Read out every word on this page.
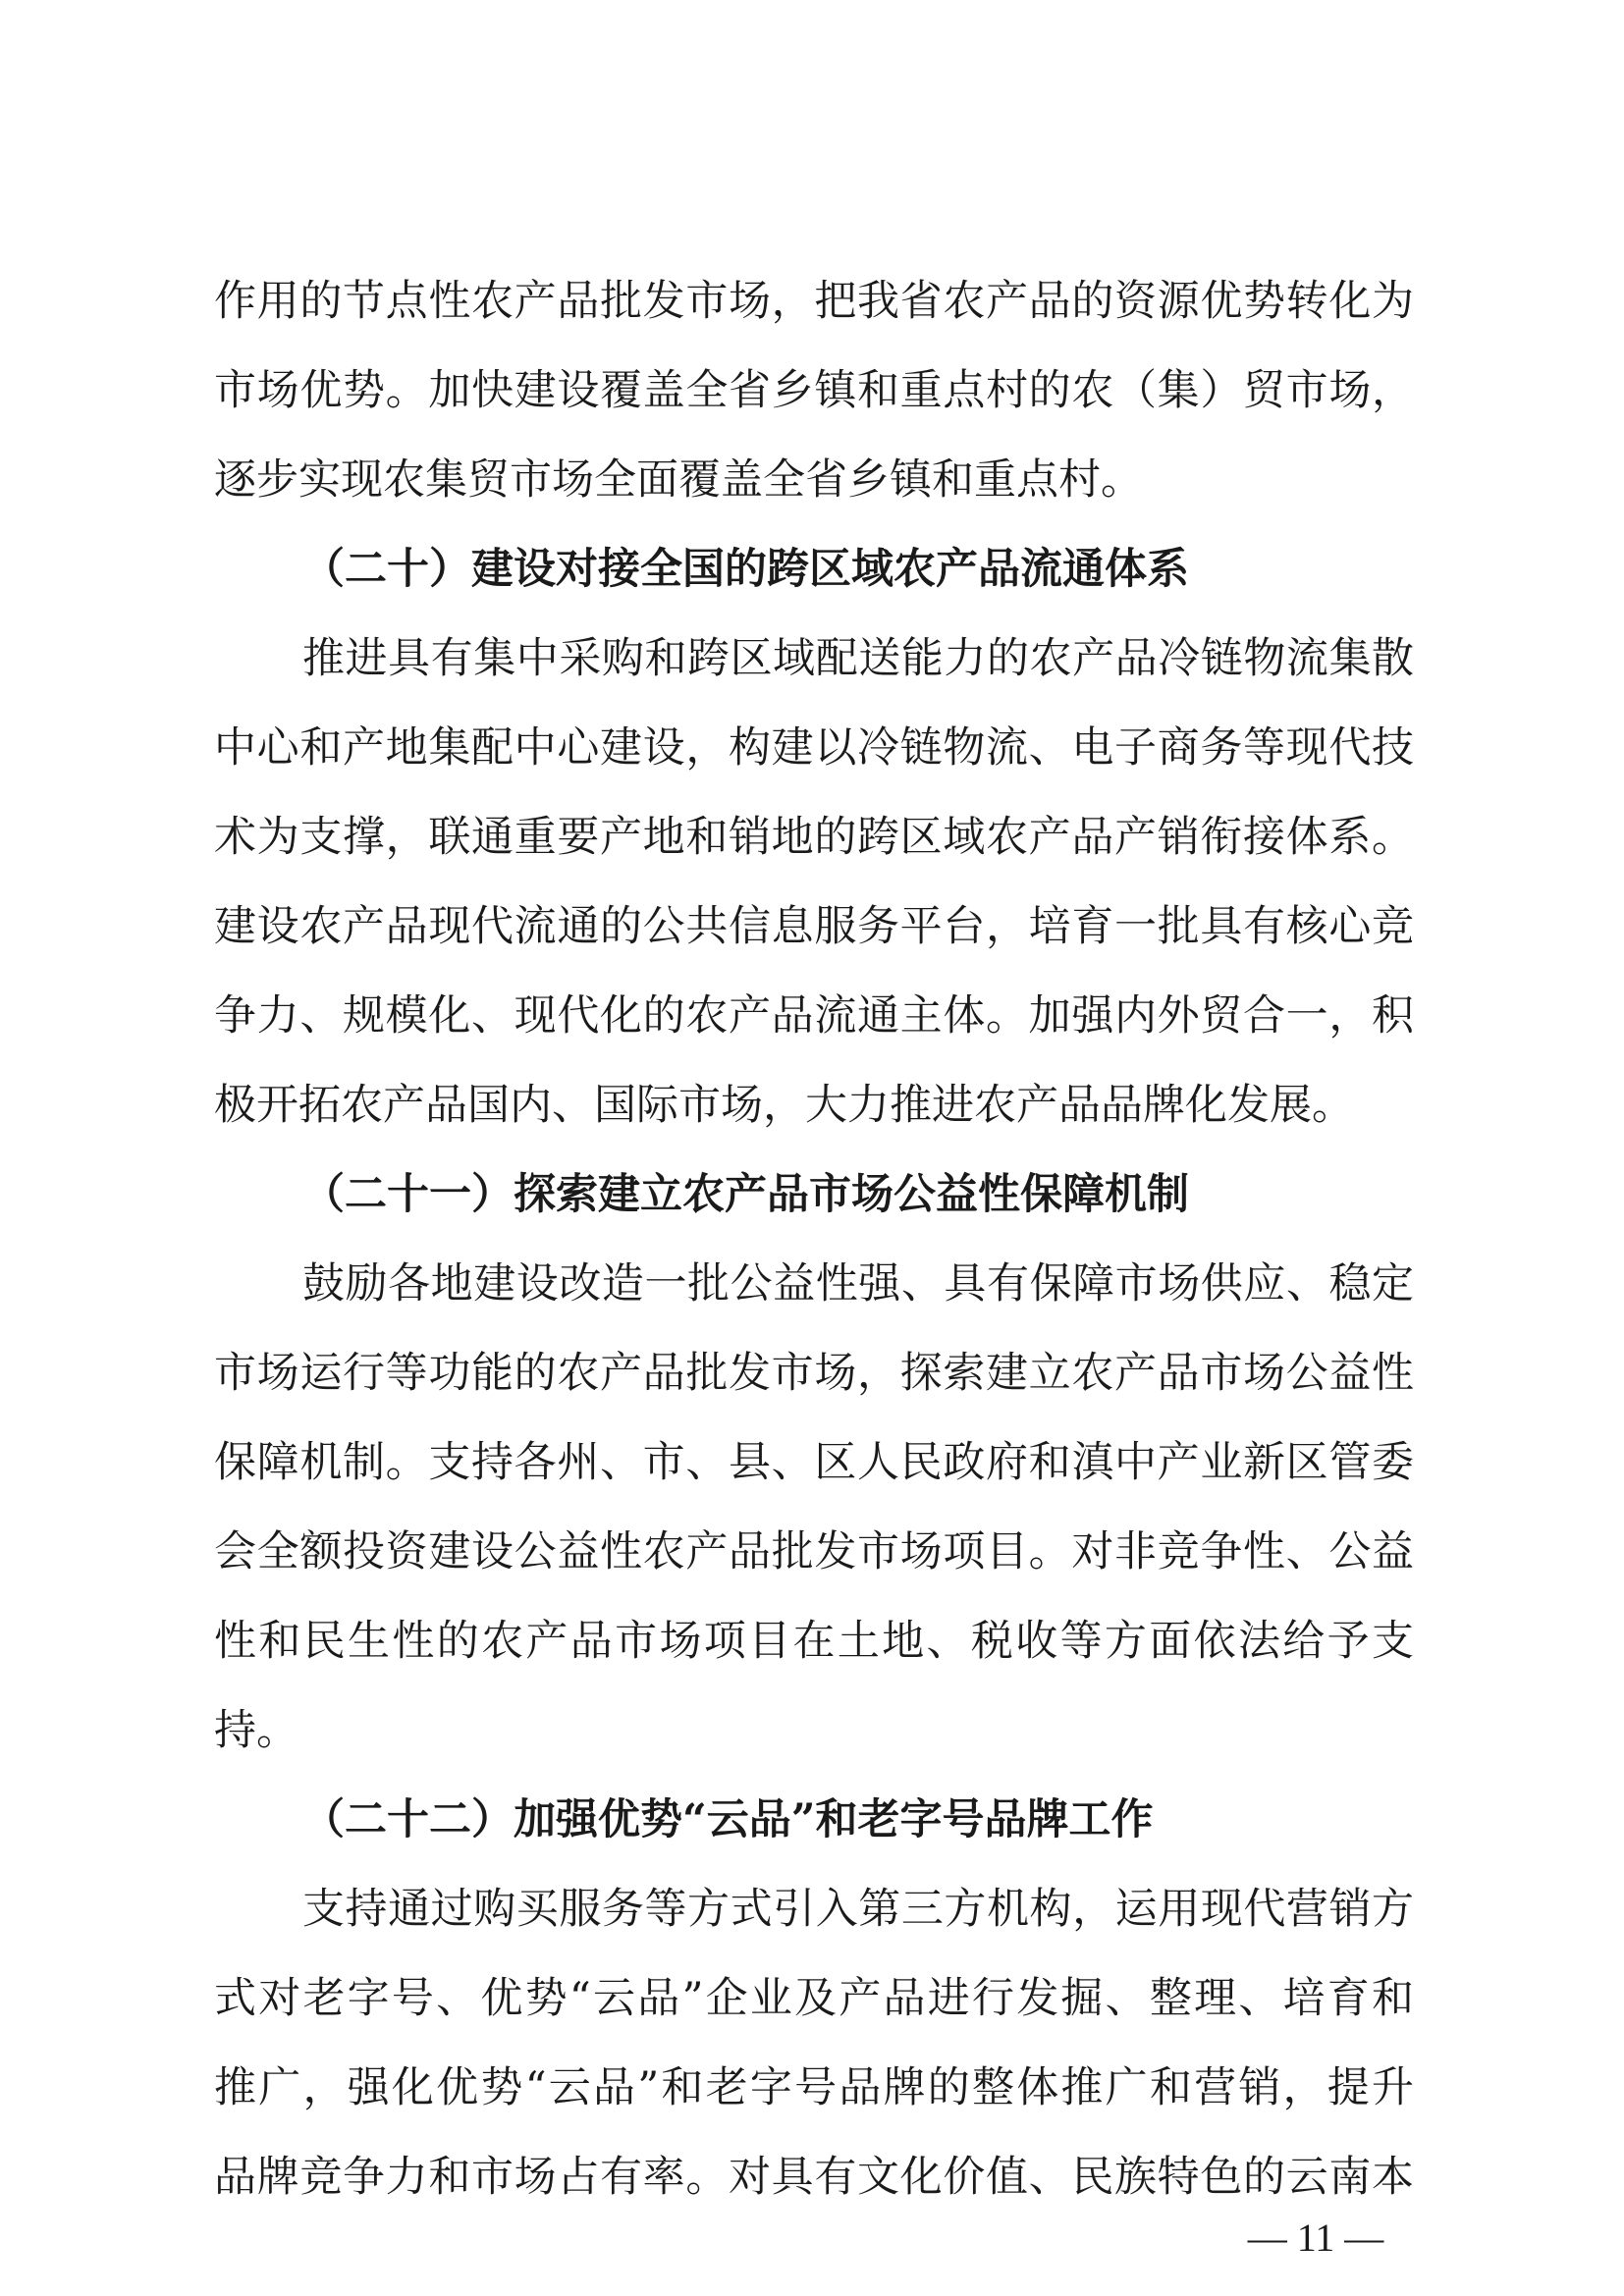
作用的节点性农产品批发市场，把我省农产品的资源优势转化为

市场优势。加快建设覆盖全省乡镇和重点村的农（集）贸市场，

逐步实现农集贸市场全面覆盖全省乡镇和重点村。

（二十）建设对接全国的跨区域农产品流通体系

推进具有集中采购和跨区域配送能力的农产品冷链物流集散

中心和产地集配中心建设，构建以冷链物流、电子商务等现代技

术为支撑，联通重要产地和销地的跨区域农产品产销衔接体系。

建设农产品现代流通的公共信息服务平台，培育一批具有核心竞

争力、规模化、现代化的农产品流通主体。加强内外贸合一，积

极开拓农产品国内、国际市场，大力推进农产品品牌化发展。

（二十一）探索建立农产品市场公益性保障机制

鼓励各地建设改造一批公益性强、具有保障市场供应、稳定

市场运行等功能的农产品批发市场，探索建立农产品市场公益性

保障机制。支持各州、市、县、区人民政府和滇中产业新区管委

会全额投资建设公益性农产品批发市场项目。对非竞争性、公益

性和民生性的农产品市场项目在土地、税收等方面依法给予支

持。

（二十二）加强优势“云品”和老字号品牌工作

支持通过购买服务等方式引入第三方机构，运用现代营销方

式对老字号、优势“云品”企业及产品进行发掘、整理、培育和

推广，强化优势“云品”和老字号品牌的整体推广和营销，提升

品牌竞争力和市场占有率。对具有文化价值、民族特色的云南本

— 11 —
